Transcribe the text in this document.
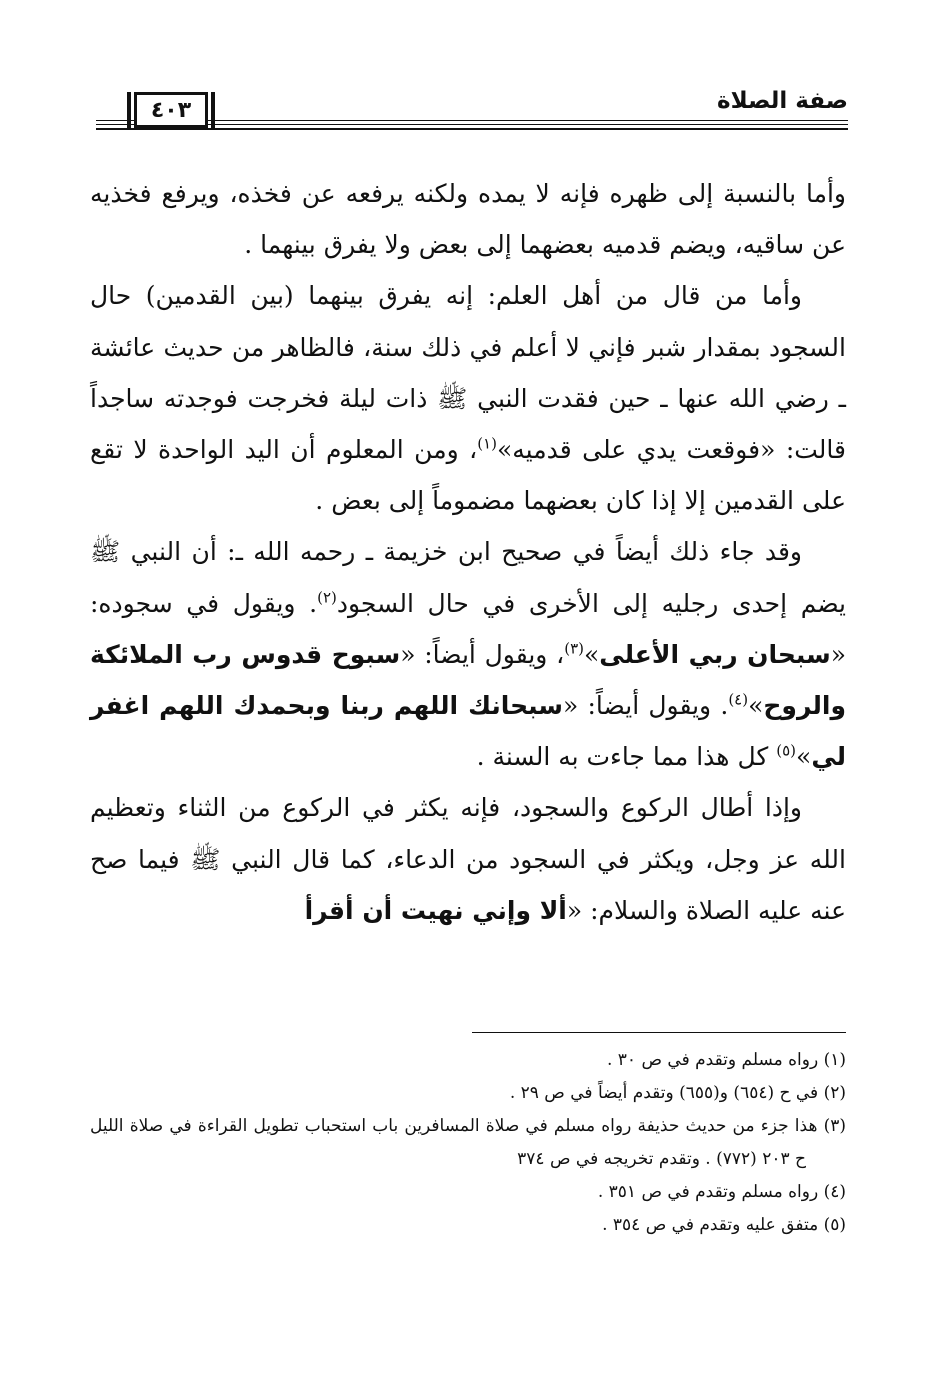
٤٠٣	صفة الصلاة

وأما بالنسبة إلى ظهره فإنه لا يمده ولكنه يرفعه عن فخذه، ويرفع فخذيه عن ساقيه، ويضم قدميه بعضهما إلى بعض ولا يفرق بينهما .

وأما من قال من أهل العلم: إنه يفرق بينهما (بين القدمين) حال السجود بمقدار شبر فإني لا أعلم في ذلك سنة، فالظاهر من حديث عائشة ـ رضي الله عنها ـ حين فقدت النبي ﷺ ذات ليلة فخرجت فوجدته ساجداً قالت: «فوقعت يدي على قدميه»$^{(١)}$، ومن المعلوم أن اليد الواحدة لا تقع على القدمين إلا إذا كان بعضهما مضموماً إلى بعض .

وقد جاء ذلك أيضاً في صحيح ابن خزيمة ـ رحمه الله ـ: أن النبي ﷺ يضم إحدى رجليه إلى الأخرى في حال السجود$^{(٢)}$. ويقول في سجوده: «سبحان ربي الأعلى»$^{(٣)}$، ويقول أيضاً: «سبوح قدوس رب الملائكة والروح»$^{(٤)}$. ويقول أيضاً: «سبحانك اللهم ربنا وبحمدك اللهم اغفر لي»$^{(٥)}$ كل هذا مما جاءت به السنة .

وإذا أطال الركوع والسجود، فإنه يكثر في الركوع من الثناء وتعظيم الله عز وجل، ويكثر في السجود من الدعاء، كما قال النبي ﷺ فيما صح عنه عليه الصلاة والسلام: «ألا وإني نهيت أن أقرأ

(١) رواه مسلم وتقدم في ص ٣٠ .

(٢) في ح (٦٥٤) و(٦٥٥) وتقدم أيضاً في ص ٢٩ .

(٣) هذا جزء من حديث حذيفة رواه مسلم في صلاة المسافرين باب استحباب تطويل القراءة في صلاة الليل ح ٢٠٣ (٧٧٢) . وتقدم تخريجه في ص ٣٧٤

(٤) رواه مسلم وتقدم في ص ٣٥١ .

(٥) متفق عليه وتقدم في ص ٣٥٤ .
